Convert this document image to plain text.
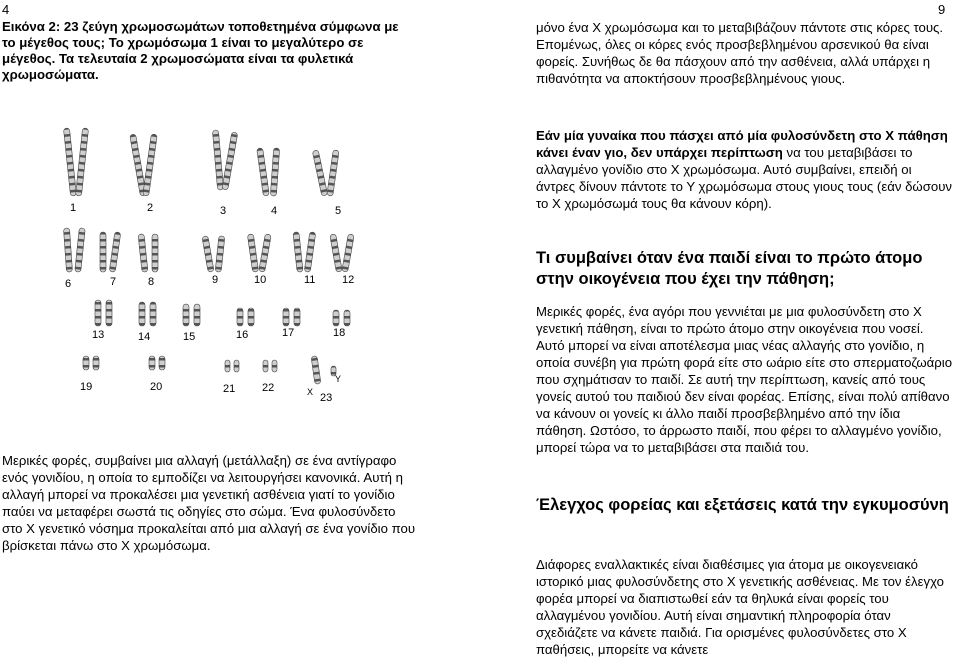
4	9
Εικόνα 2: 23 ζεύγη χρωμοσωμάτων τοποθετημένα σύμφωνα με το μέγεθος τους; Το χρωμόσωμα 1 είναι το μεγαλύτερο σε μέγεθος. Τα τελευταία 2 χρωμοσώματα είναι τα φυλετικά χρωμοσώματα.
1	2	3	4	5
6	7	8	9	10	11 12
13	14	15	16	17	18
19	20	21 22	X
Y
23
Μερικές φορές, συμβαίνει μια αλλαγή (μετάλλαξη) σε ένα αντίγραφο ενός γονιδίου, η οποία το εμποδίζει να λειτουργήσει κανονικά. Αυτή η αλλαγή μπορεί να προκαλέσει μια γενετική ασθένεια γιατί το γονίδιο παύει να μεταφέρει σωστά τις οδηγίες στο σώμα. Ένα φυλοσύνδετο στο Χ γενετικό νόσημα προκαλείται από μια αλλαγή σε ένα γονίδιο που βρίσκεται πάνω στο Χ χρωμόσωμα.
μόνο ένα Χ χρωμόσωμα και το μεταβιβάζουν πάντοτε στις κόρες τους. Επομένως, όλες οι κόρες ενός προσβεβλημένου αρσενικού θα είναι φορείς. Συνήθως δε θα πάσχουν από την ασθένεια, αλλά υπάρχει η πιθανότητα να αποκτήσουν προσβεβλημένους γιους.
Εάν μία γυναίκα που πάσχει από μία φυλοσύνδετη στο Χ πάθηση κάνει έναν γιο, δεν υπάρχει περίπτωση να του μεταβιβάσει το αλλαγμένο γονίδιο στο Χ χρωμόσωμα. Αυτό συμβαίνει, επειδή οι άντρες δίνουν πάντοτε το Υ χρωμόσωμα στους γιους τους (εάν δώσουν το Χ χρωμόσωμά τους θα κάνουν κόρη).
Τι συμβαίνει όταν ένα παιδί είναι το πρώτο άτομο στην οικογένεια που έχει την πάθηση;
Μερικές φορές, ένα αγόρι που γεννιέται με μια φυλοσύνδετη στο Χ γενετική πάθηση, είναι το πρώτο άτομο στην οικογένεια που νοσεί. Αυτό μπορεί να είναι αποτέλεσμα μιας νέας αλλαγής στο γονίδιο, η οποία συνέβη για πρώτη φορά είτε στο ωάριο είτε στο σπερματοζωάριο που σχημάτισαν το παιδί. Σε αυτή την περίπτωση, κανείς από τους γονείς αυτού του παιδιού δεν είναι φορέας. Επίσης, είναι πολύ απίθανο να κάνουν οι γονείς κι άλλο παιδί προσβεβλημένο από την ίδια πάθηση. Ωστόσο, το άρρωστο παιδί, που φέρει το αλλαγμένο γονίδιο, μπορεί τώρα να το μεταβιβάσει στα παιδιά του.
Έλεγχος φορείας και εξετάσεις κατά την εγκυμοσύνη
Διάφορες εναλλακτικές είναι διαθέσιμες για άτομα με οικογενειακό ιστορικό μιας φυλοσύνδετης στο Χ γενετικής ασθένειας. Με τον έλεγχο φορέα μπορεί να διαπιστωθεί εάν τα θηλυκά είναι φορείς του αλλαγμένου γονιδίου. Αυτή είναι σημαντική πληροφορία όταν σχεδιάζετε να κάνετε παιδιά. Για ορισμένες φυλοσύνδετες στο Χ παθήσεις, μπορείτε να κάνετε
